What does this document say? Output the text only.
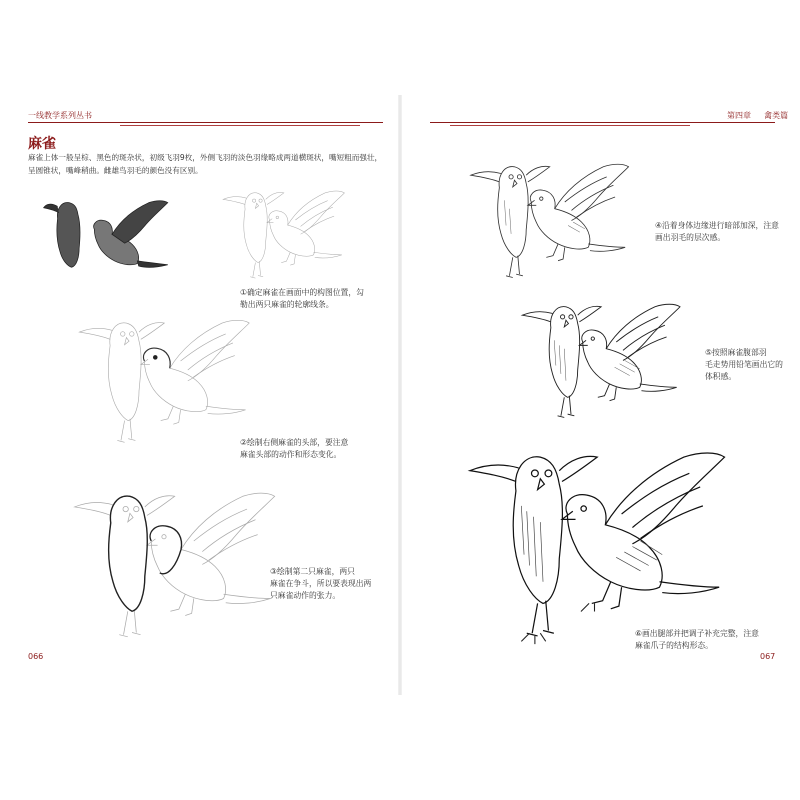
一线教学系列丛书
麻雀
麻雀上体一般呈棕、黑色的斑杂状，初级飞羽9枚，外侧飞羽的淡色羽缘略成两道横斑状，嘴短粗而强壮，
呈圆锥状，嘴峰稍曲。雌雄鸟羽毛的颜色没有区别。
①确定麻雀在画面中的构图位置，勾
勒出两只麻雀的轮廓线条。
②绘制右侧麻雀的头部，要注意
麻雀头部的动作和形态变化。
③绘制第二只麻雀，两只
麻雀在争斗，所以要表现出两
只麻雀动作的张力。
066
第四章 禽类篇
④沿着身体边缘进行暗部加深，注意
画出羽毛的层次感。
⑤按照麻雀腹部羽
毛走势用铅笔画出它的
体积感。
⑥画出腿部并把调子补充完整，注意
麻雀爪子的结构形态。
067
